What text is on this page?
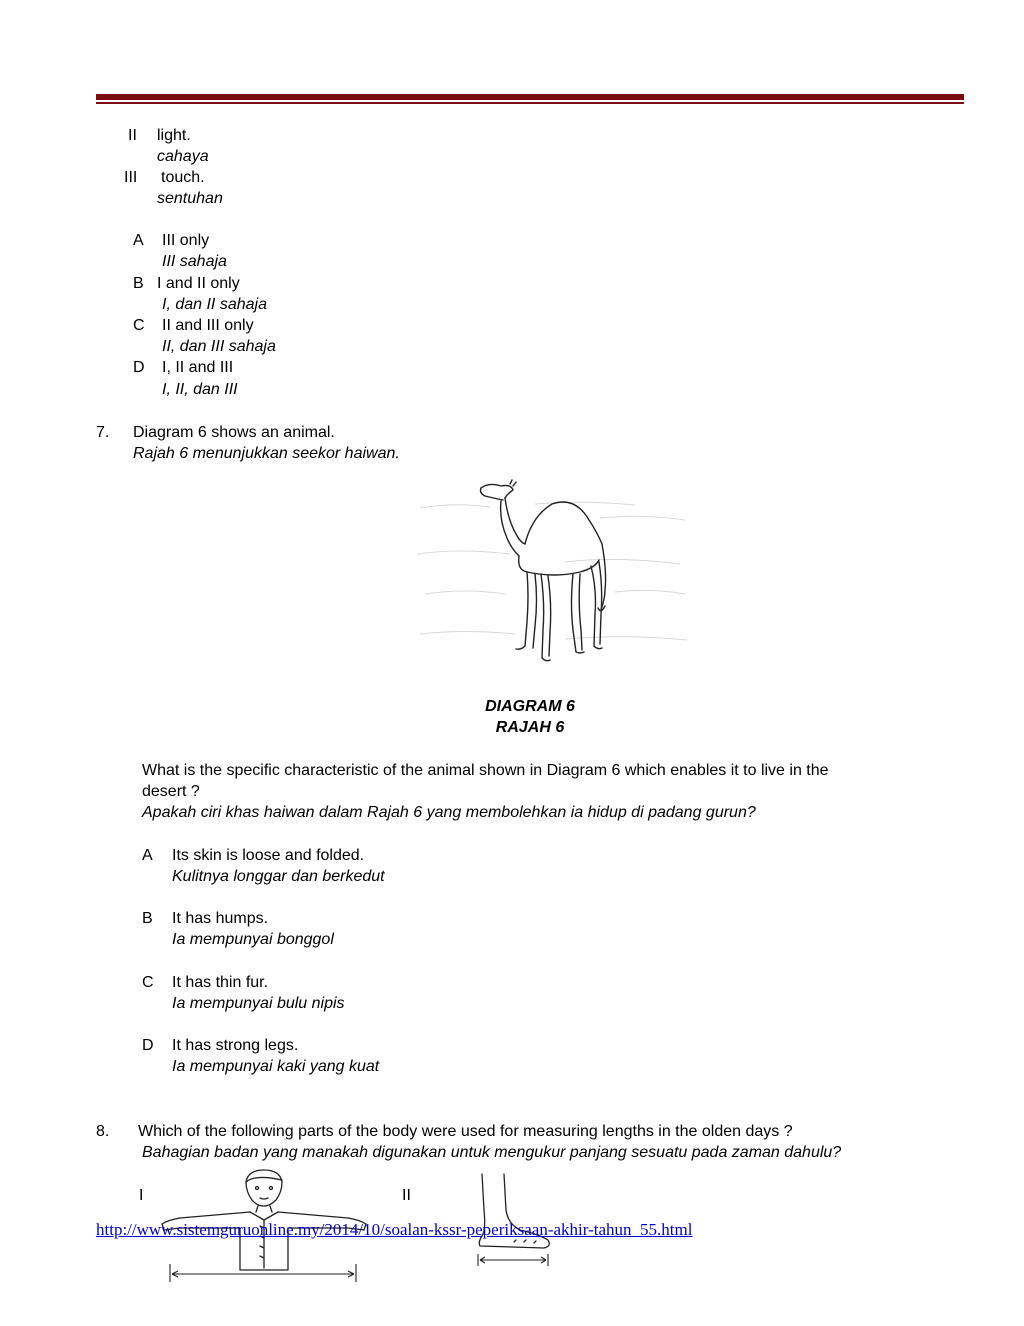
II light.
cahaya
III touch.
sentuhan
A III only
III sahaja
B I and II only
I, dan II sahaja
C II and III only
II, dan III sahaja
D I, II and III
I, II, dan III
7. Diagram 6 shows an animal.
Rajah 6 menunjukkan seekor haiwan.
DIAGRAM 6
RAJAH 6
What is the specific characteristic of the animal shown in Diagram 6 which enables it to live in the
desert ?
Apakah ciri khas haiwan dalam Rajah 6 yang membolehkan ia hidup di padang gurun?
A Its skin is loose and folded.
Kulitnya longgar dan berkedut
B It has humps.
Ia mempunyai bonggol
C It has thin fur.
Ia mempunyai bulu nipis
D It has strong legs.
Ia mempunyai kaki yang kuat
8. Which of the following parts of the body were used for measuring lengths in the olden days ?
Bahagian badan yang manakah digunakan untuk mengukur panjang sesuatu pada zaman dahulu?
I	II
http://www.sistemguruonline.my/2014/10/soalan-kssr-peperiksaan-akhir-tahun_55.html
